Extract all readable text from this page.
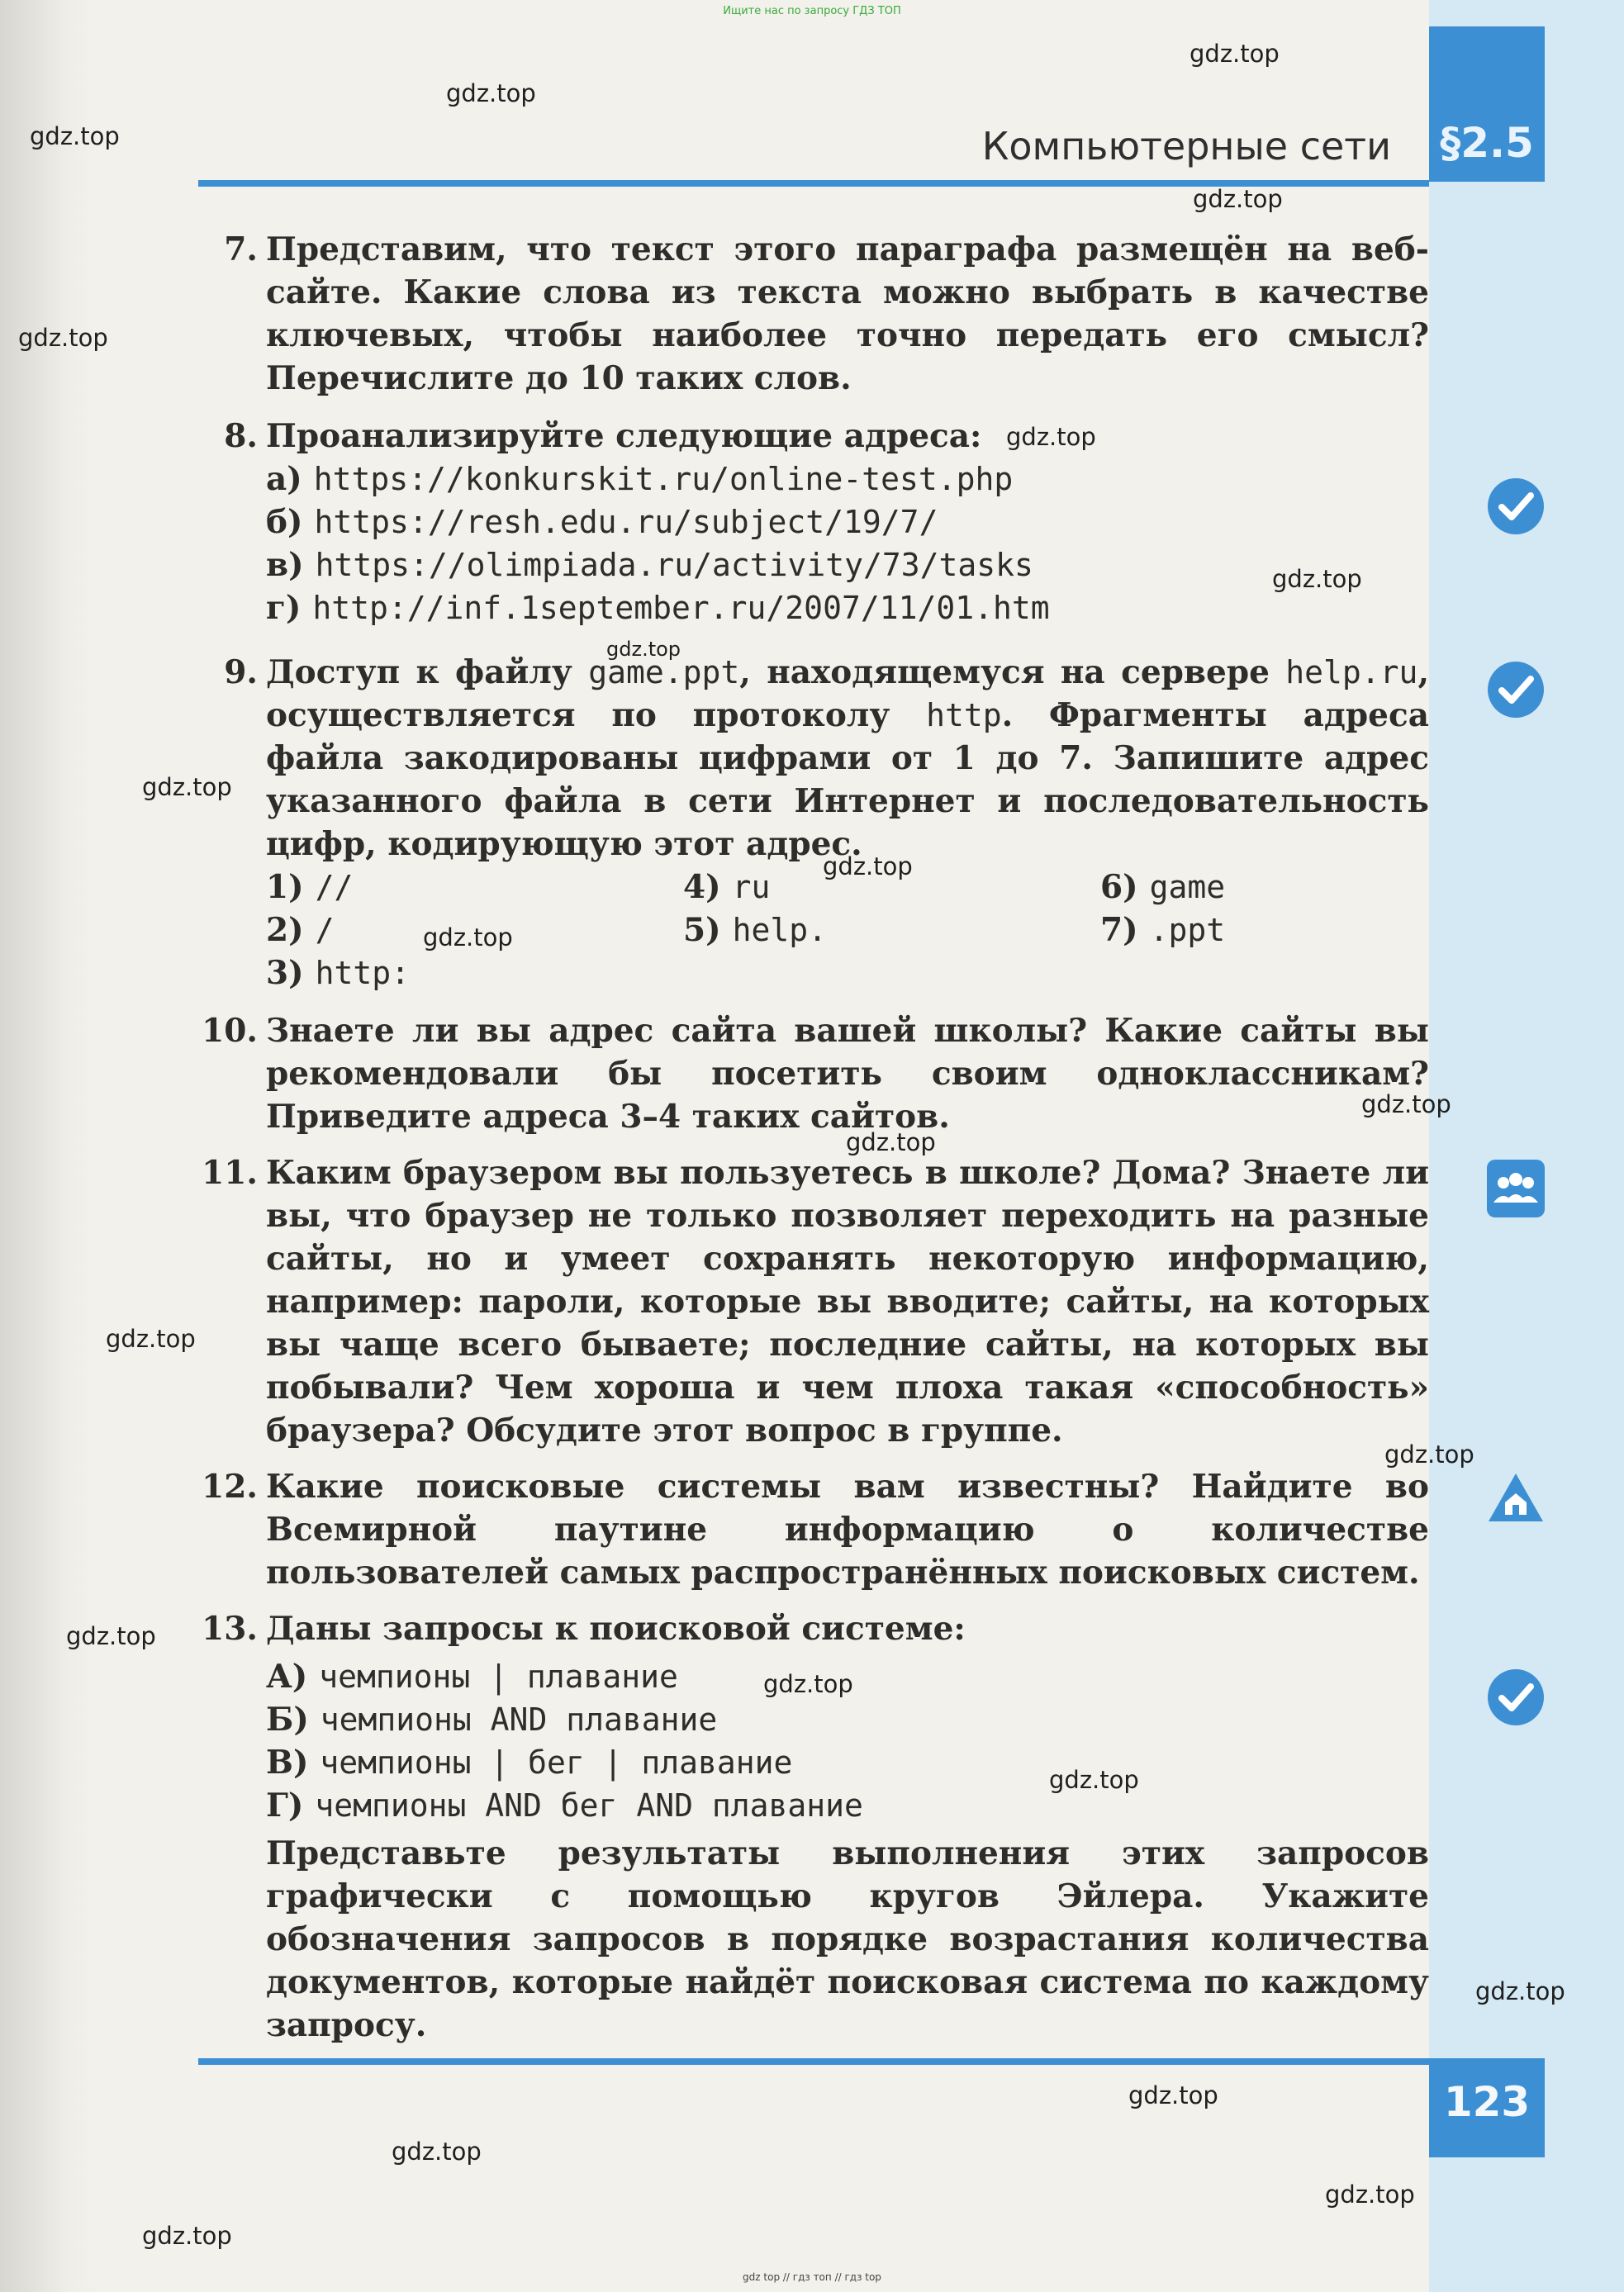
Ищите нас по запросу ГДЗ ТОП
§2.5
Компьютерные сети
7. Представим, что текст этого параграфа размещён на веб-сайте. Какие слова из текста можно выбрать в качестве ключевых, чтобы наиболее точно передать его смысл? Перечислите до 10 таких слов.
8. Проанализируйте следующие адреса:
а) https://konkurskit.ru/online-test.php
б) https://resh.edu.ru/subject/19/7/
в) https://olimpiada.ru/activity/73/tasks
г) http://inf.1september.ru/2007/11/01.htm
9. Доступ к файлу game.ppt, находящемуся на сервере help.ru, осуществляется по протоколу http. Фрагменты адреса файла закодированы цифрами от 1 до 7. Запишите адрес указанного файла в сети Интернет и последовательность цифр, кодирующую этот адрес.
1) //	4) ru	6) game
2) /	5) help.	7) .ppt
3) http:
10. Знаете ли вы адрес сайта вашей школы? Какие сайты вы рекомендовали бы посетить своим одноклассникам? Приведите адреса 3–4 таких сайтов.
11. Каким браузером вы пользуетесь в школе? Дома? Знаете ли вы, что браузер не только позволяет переходить на разные сайты, но и умеет сохранять некоторую информацию, например: пароли, которые вы вводите; сайты, на которых вы чаще всего бываете; последние сайты, на которых вы побывали? Чем хороша и чем плоха такая «способность» браузера? Обсудите этот вопрос в группе.
12. Какие поисковые системы вам известны? Найдите во Всемирной паутине информацию о количестве пользователей самых распространённых поисковых систем.
13. Даны запросы к поисковой системе:
А) чемпионы | плавание
Б) чемпионы AND плавание
В) чемпионы | бег | плавание
Г) чемпионы AND бег AND плавание
Представьте результаты выполнения этих запросов графически с помощью кругов Эйлера. Укажите обозначения запросов в порядке возрастания количества документов, которые найдёт поисковая система по каждому запросу.
123
gdz.top
gdz.top
gdz.top
gdz.top
gdz.top
gdz.top
gdz.top
gdz.top
gdz.top
gdz.top
gdz.top
gdz.top
gdz.top
gdz.top
gdz.top
gdz.top
gdz.top
gdz.top
gdz.top
gdz.top
gdz.top
gdz.top
gdz.top
gdz top // гдз топ // гдз top
